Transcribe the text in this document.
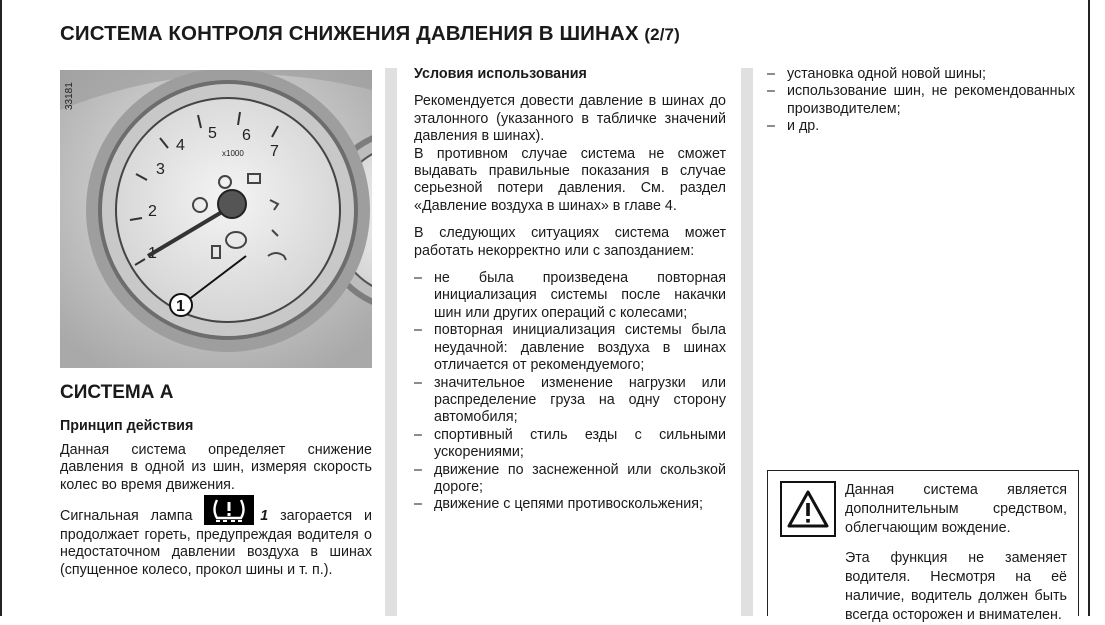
СИСТЕМА КОНТРОЛЯ СНИЖЕНИЯ ДАВЛЕНИЯ В ШИНАХ (2/7)
2
3
4
5 6
7
x1000
1
33181
СИСТЕМА А
Принцип действия

Данная система определяет снижение давления в одной из шин, измеряя скорость колес во время движения.

Сигнальная лампа	1 загорается и продолжает гореть, предупреждая водителя о недостаточном давлении воздуха в шинах (спущенное колесо, прокол шины и т. п.).

Условия использования

Рекомендуется довести давление в шинах до эталонного (указанного в табличке значений давления в шинах).

В противном случае система не сможет выдавать правильные показания в случае серьезной потери давления. См. раздел «Давление воздуха в шинах» в главе 4.

В следующих ситуациях система может работать некорректно или с запозданием:

– не была произведена повторная инициализация системы после накачки шин или других операций с колесами;

– повторная инициализация системы была неудачной: давление воздуха в шинах отличается от рекомендуемого;

– значительное изменение нагрузки или распределение груза на одну сторону автомобиля;

– спортивный стиль езды с сильными ускорениями;

– движение по заснеженной или скользкой дороге;

– движение с цепями противоскольжения;

– установка одной новой шины;

– использование шин, не рекомендованных производителем;

– и др.

Данная система является дополнительным средством, облегчающим вождение.

Эта функция не заменяет водителя. Несмотря на её наличие, водитель должен быть всегда осторожен и внимателен.
